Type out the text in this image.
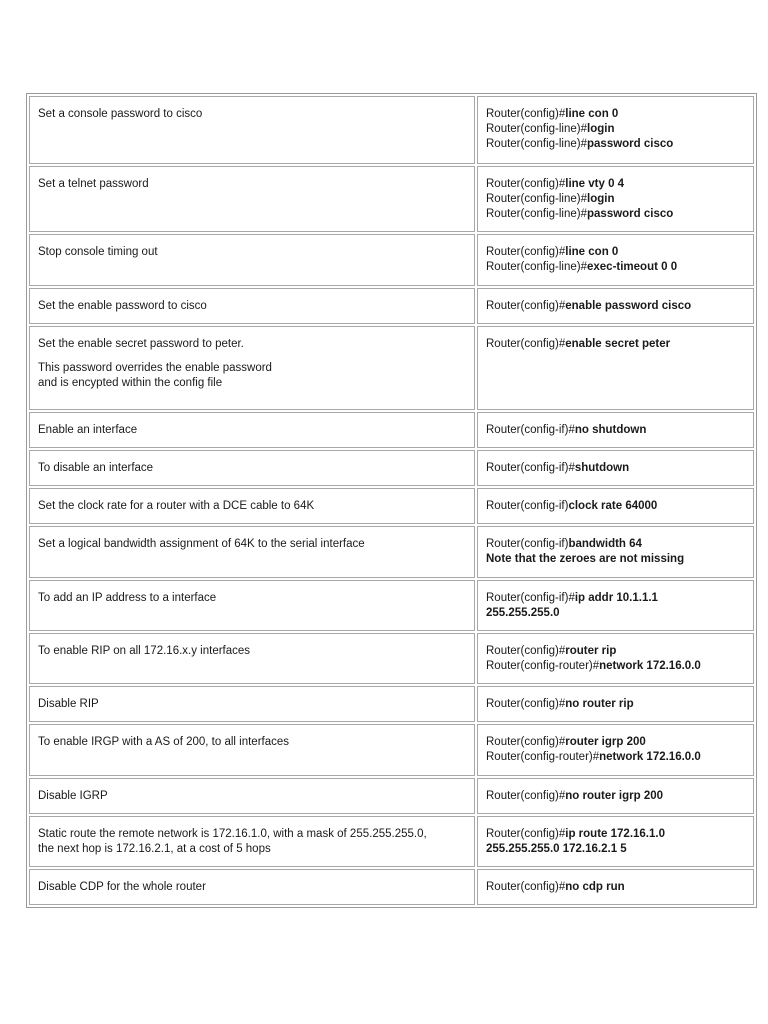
Set a console password to cisco	Router(config)#line con 0
Router(config-line)#login
Router(config-line)#password cisco

Set a telnet password	Router(config)#line vty 0 4
Router(config-line)#login
Router(config-line)#password cisco

Stop console timing out	Router(config)#line con 0
Router(config-line)#exec-timeout 0 0

Set the enable password to cisco	Router(config)#enable password cisco

Set the enable secret password to peter.
This password overrides the enable password
and is encypted within the config file	Router(config)#enable secret peter

Enable an interface	Router(config-if)#no shutdown

To disable an interface	Router(config-if)#shutdown

Set the clock rate for a router with a DCE cable to 64K	Router(config-if)clock rate 64000

Set a logical bandwidth assignment of 64K to the serial interface	Router(config-if)bandwidth 64
Note that the zeroes are not missing

To add an IP address to a interface	Router(config-if)#ip addr 10.1.1.1
255.255.255.0

To enable RIP on all 172.16.x.y interfaces	Router(config)#router rip
Router(config-router)#network 172.16.0.0

Disable RIP	Router(config)#no router rip

To enable IRGP with a AS of 200, to all interfaces	Router(config)#router igrp 200
Router(config-router)#network 172.16.0.0

Disable IGRP	Router(config)#no router igrp 200

Static route the remote network is 172.16.1.0, with a mask of 255.255.255.0,
the next hop is 172.16.2.1, at a cost of 5 hops	Router(config)#ip route 172.16.1.0
255.255.255.0 172.16.2.1 5

Disable CDP for the whole router	Router(config)#no cdp run
